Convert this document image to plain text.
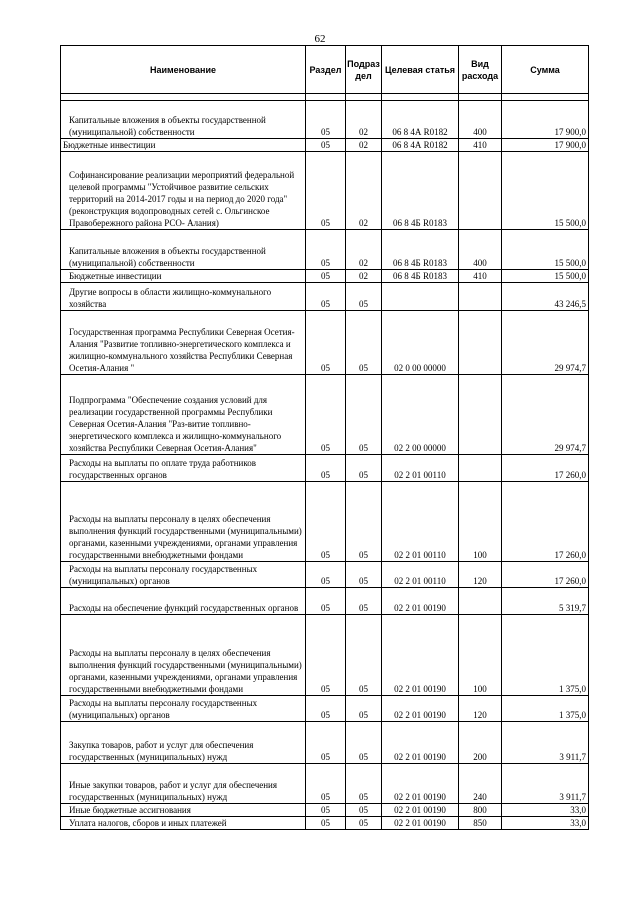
62
Наименование	Раздел	Подраз дел	Целевая статья	Вид расхода	Сумма

Капитальные вложения в объекты государственной (муниципальной) собственности	05	02	06 8 4А R0182	400	17 900,0
Бюджетные инвестиции	05	02	06 8 4А R0182	410	17 900,0
Софинансирование реализации мероприятий федеральной целевой программы "Устойчивое развитие сельских территорий на 2014-2017 годы и на период до 2020 года" (реконструкция водопроводных сетей с. Ольгинское Правобережного района РСО- Алания)	05	02	06 8 4Б R0183		15 500,0
Капитальные вложения в объекты государственной (муниципальной) собственности	05	02	06 8 4Б R0183	400	15 500,0
Бюджетные инвестиции	05	02	06 8 4Б R0183	410	15 500,0
Другие вопросы в области жилищно-коммунального хозяйства	05	05			43 246,5
Государственная программа Республики Северная Осетия-Алания "Развитие топливно-энергетического комплекса и жилищно-коммунального хозяйства Республики Северная Осетия-Алания "	05	05	02 0 00 00000		29 974,7
Подпрограмма "Обеспечение создания условий для реализации государственной программы Республики Северная Осетия-Алания "Раз-витие топливно-энергетического комплекса и жилищно-коммунального хозяйства Республики Северная Осетия-Алания"	05	05	02 2 00 00000		29 974,7
Расходы на выплаты по оплате труда работников государственных органов	05	05	02 2 01 00110		17 260,0
Расходы на выплаты персоналу в целях обеспечения выполнения функций государственными (муниципальными) органами, казенными учреждениями, органами управления государственными внебюджетными фондами	05	05	02 2 01 00110	100	17 260,0
Расходы на выплаты персоналу государственных (муниципальных) органов	05	05	02 2 01 00110	120	17 260,0
Расходы на обеспечение функций государственных органов	05	05	02 2 01 00190		5 319,7
Расходы на выплаты персоналу в целях обеспечения выполнения функций государственными (муниципальными) органами, казенными учреждениями, органами управления государственными внебюджетными фондами	05	05	02 2 01 00190	100	1 375,0
Расходы на выплаты персоналу государственных (муниципальных) органов	05	05	02 2 01 00190	120	1 375,0
Закупка товаров, работ и услуг для обеспечения государственных (муниципальных) нужд	05	05	02 2 01 00190	200	3 911,7
Иные закупки товаров, работ и услуг для обеспечения государственных (муниципальных) нужд	05	05	02 2 01 00190	240	3 911,7
Иные бюджетные ассигнования	05	05	02 2 01 00190	800	33,0
Уплата налогов, сборов и иных платежей	05	05	02 2 01 00190	850	33,0
